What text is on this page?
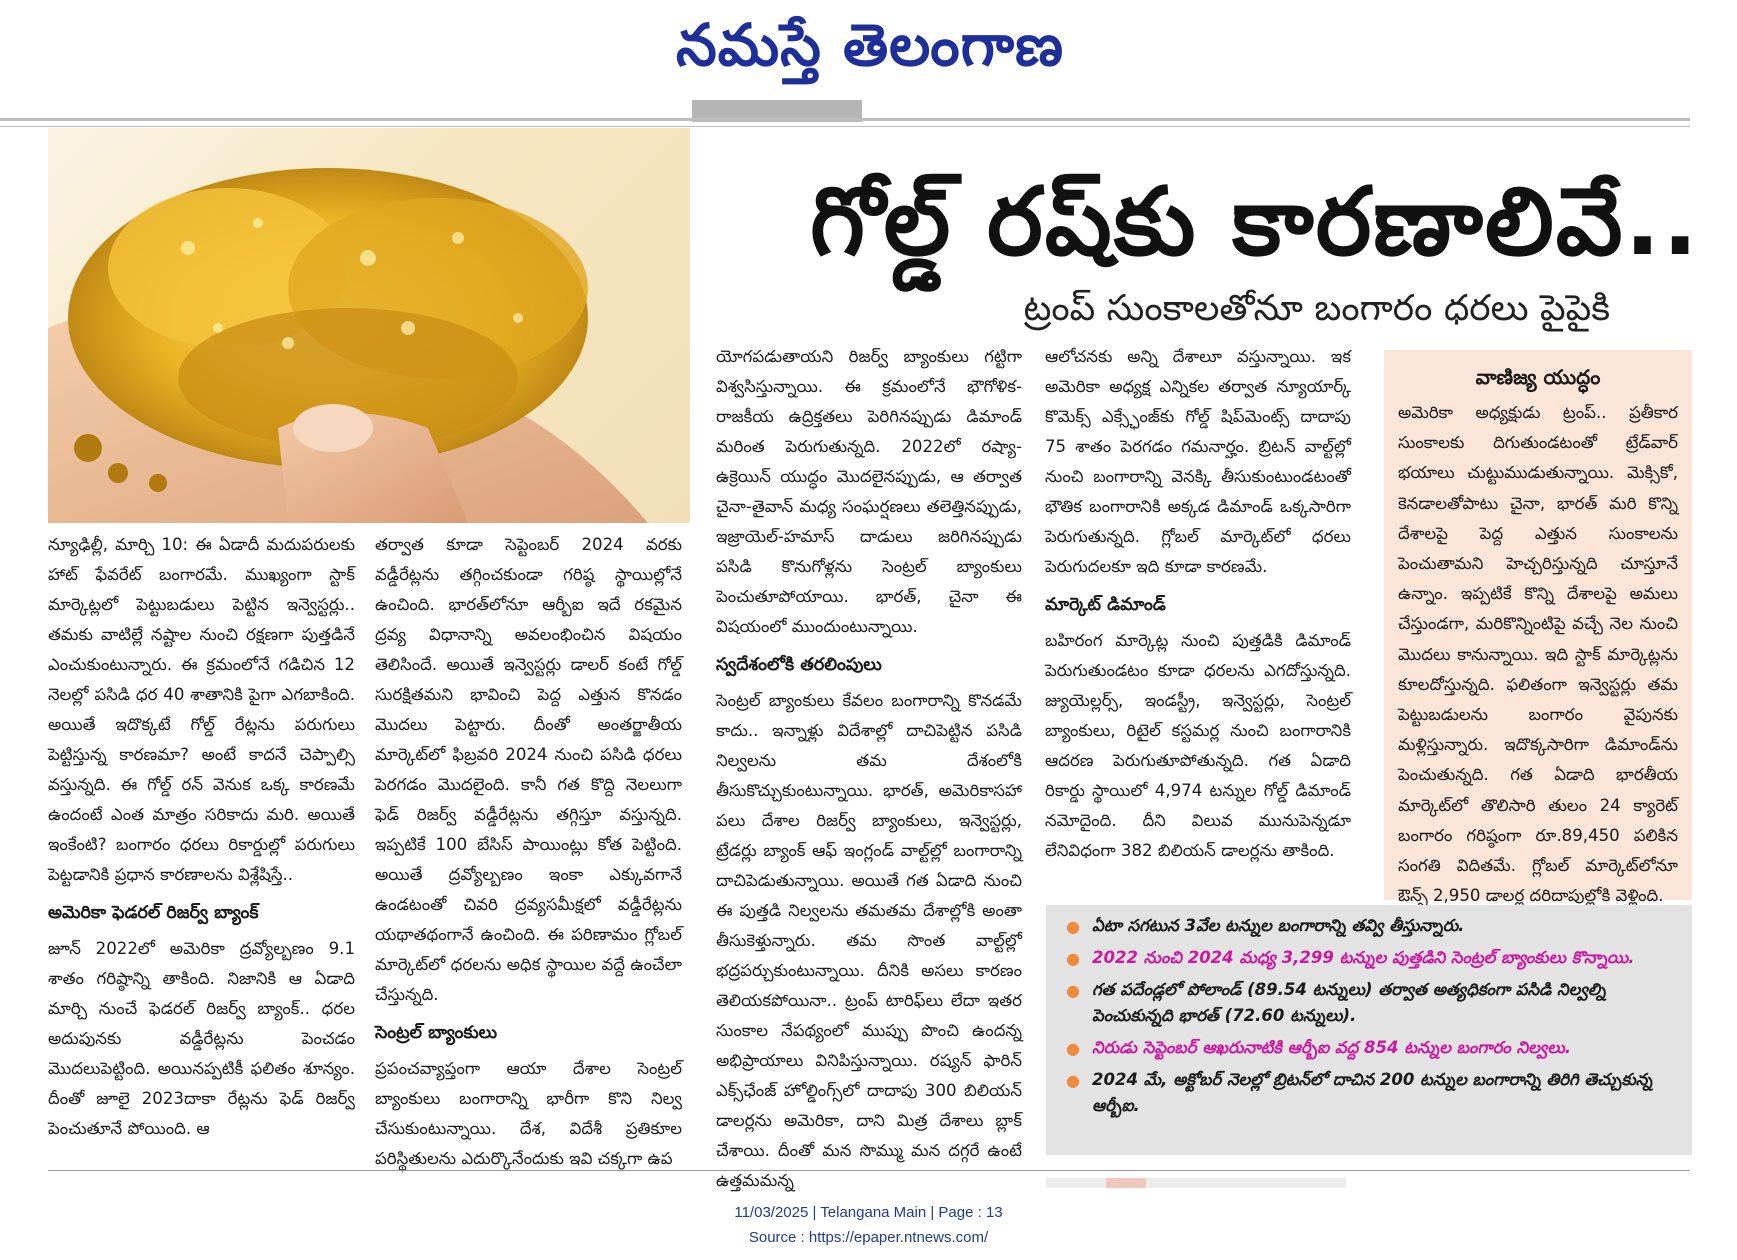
నమస్తే తెలంగాణ
గోల్డ్ రష్‌కు కారణాలివే..
ట్రంప్ సుంకాలతోనూ బంగారం ధరలు పైపైకి

న్యూఢిల్లీ, మార్చి 10: ఈ ఏడాదీ మదుపరులకు హాట్ ఫేవరేట్ బంగారమే. ముఖ్యంగా స్టాక్ మార్కెట్లలో పెట్టుబడులు పెట్టిన ఇన్వెస్టర్లు.. తమకు వాటిల్లే నష్టాల నుంచి రక్షణగా పుత్తడినే ఎంచుకుంటున్నారు. ఈ క్రమంలోనే గడిచిన 12 నెలల్లో పసిడి ధర 40 శాతానికి పైగా ఎగబాకింది. అయితే ఇదొక్కటే గోల్డ్ రేట్లను పరుగులు పెట్టిస్తున్న కారణమా? అంటే కాదనే చెప్పాల్సి వస్తున్నది. ఈ గోల్డ్ రన్ వెనుక ఒక్క కారణమే ఉందంటే ఎంత మాత్రం సరికాదు మరి. అయితే ఇంకేంటి? బంగారం ధరలు రికార్డుల్లో పరుగులు పెట్టడానికి ప్రధాన కారణాలను విశ్లేషిస్తే..

అమెరికా ఫెడరల్ రిజర్వ్ బ్యాంక్

జూన్ 2022లో అమెరికా ద్రవ్యోల్బణం 9.1 శాతం గరిష్ఠాన్ని తాకింది. నిజానికి ఆ ఏడాది మార్చి నుంచే ఫెడరల్ రిజర్వ్ బ్యాంక్.. ధరల అదుపునకు వడ్డీరేట్లను పెంచడం మొదలుపెట్టింది. అయినప్పటికీ ఫలితం శూన్యం. దీంతో జూలై 2023దాకా రేట్లను ఫెడ్ రిజర్వ్ పెంచుతూనే పోయింది. ఆ

తర్వాత కూడా సెప్టెంబర్ 2024 వరకు వడ్డీరేట్లను తగ్గించకుండా గరిష్ఠ స్థాయిల్లోనే ఉంచింది. భారత్‌లోనూ ఆర్బీఐ ఇదే రకమైన ద్రవ్య విధానాన్ని అవలంభించిన విషయం తెలిసిందే. అయితే ఇన్వెస్టర్లు డాలర్ కంటే గోల్డ్ సురక్షితమని భావించి పెద్ద ఎత్తున కొనడం మొదలు పెట్టారు. దీంతో అంతర్జాతీయ మార్కెట్‌లో ఫిబ్రవరి 2024 నుంచి పసిడి ధరలు పెరగడం మొదలైంది. కానీ గత కొద్ది నెలలుగా ఫెడ్ రిజర్వ్ వడ్డీరేట్లను తగ్గిస్తూ వస్తున్నది. ఇప్పటికే 100 బేసిస్ పాయింట్లు కోత పెట్టింది. అయితే ద్రవ్యోల్బణం ఇంకా ఎక్కువగానే ఉండటంతో చివరి ద్రవ్యసమీక్షలో వడ్డీరేట్లను యథాతథంగానే ఉంచింది. ఈ పరిణామం గ్లోబల్ మార్కెట్‌లో ధరలను అధిక స్థాయిల వద్దే ఉంచేలా చేస్తున్నది.

సెంట్రల్ బ్యాంకులు

ప్రపంచవ్యాప్తంగా ఆయా దేశాల సెంట్రల్ బ్యాంకులు బంగారాన్ని భారీగా కొని నిల్వ చేసుకుంటున్నాయి. దేశ, విదేశీ ప్రతికూల పరిస్థితులను ఎదుర్కొనేందుకు ఇవి చక్కగా ఉప

యోగపడుతాయని రిజర్వ్ బ్యాంకులు గట్టిగా విశ్వసిస్తున్నాయి. ఈ క్రమంలోనే భౌగోళిక-రాజకీయ ఉద్రిక్తతలు పెరిగినప్పుడు డిమాండ్ మరింత పెరుగుతున్నది. 2022లో రష్యా-ఉక్రెయిన్ యుద్ధం మొదలైనప్పుడు, ఆ తర్వాత చైనా-తైవాన్ మధ్య సంఘర్షణలు తలెత్తినప్పుడు, ఇజ్రాయెల్-హమాస్ దాడులు జరిగినప్పుడు పసిడి కొనుగోళ్లను సెంట్రల్ బ్యాంకులు పెంచుతూపోయాయి. భారత్, చైనా ఈ విషయంలో ముందుంటున్నాయి.

స్వదేశంలోకి తరలింపులు

సెంట్రల్ బ్యాంకులు కేవలం బంగారాన్ని కొనడమే కాదు.. ఇన్నాళ్లు విదేశాల్లో దాచిపెట్టిన పసిడి నిల్వలను తమ దేశంలోకి తీసుకొచ్చుకుంటున్నాయి. భారత్, అమెరికాసహా పలు దేశాల రిజర్వ్ బ్యాంకులు, ఇన్వెస్టర్లు, ట్రేడర్లు బ్యాంక్ ఆఫ్ ఇంగ్లండ్ వాల్ట్‌ల్లో బంగారాన్ని దాచిపెడుతున్నాయి. అయితే గత ఏడాది నుంచి ఈ పుత్తడి నిల్వలను తమతమ దేశాల్లోకి అంతా తీసుకెళ్తున్నారు. తమ సొంత వాల్ట్‌ల్లో భద్రపర్చుకుంటున్నాయి. దీనికి అసలు కారణం తెలియకపోయినా.. ట్రంప్ టారిఫ్‌లు లేదా ఇతర సుంకాల నేపథ్యంలో ముప్పు పొంచి ఉందన్న అభిప్రాయాలు వినిపిస్తున్నాయి. రష్యన్ ఫారిన్ ఎక్స్‌ఛేంజ్ హోల్డింగ్స్‌లో దాదాపు 300 బిలియన్ డాలర్లను అమెరికా, దాని మిత్ర దేశాలు బ్లాక్ చేశాయి. దీంతో మన సొమ్ము మన దగ్గరే ఉంటే ఉత్తమమన్న

ఆలోచనకు అన్ని దేశాలూ వస్తున్నాయి. ఇక అమెరికా అధ్యక్ష ఎన్నికల తర్వాత న్యూయార్క్ కొమెక్స్ ఎక్స్ఛేంజ్‌కు గోల్డ్ షిప్‌మెంట్స్ దాదాపు 75 శాతం పెరగడం గమనార్హం. బ్రిటన్ వాల్ట్‌ల్లో నుంచి బంగారాన్ని వెనక్కి తీసుకుంటుండటంతో భౌతిక బంగారానికి అక్కడ డిమాండ్ ఒక్కసారిగా పెరుగుతున్నది. గ్లోబల్ మార్కెట్‌లో ధరలు పెరుగుదలకూ ఇది కూడా కారణమే.

మార్కెట్ డిమాండ్

బహిరంగ మార్కెట్ల నుంచి పుత్తడికి డిమాండ్ పెరుగుతుండటం కూడా ధరలను ఎగదోస్తున్నది. జ్యుయెల్లర్స్, ఇండస్ట్రీ, ఇన్వెస్టర్లు, సెంట్రల్ బ్యాంకులు, రిటైల్ కస్టమర్ల నుంచి బంగారానికి ఆదరణ పెరుగుతూపోతున్నది. గత ఏడాది రికార్డు స్థాయిలో 4,974 టన్నుల గోల్డ్ డిమాండ్ నమోదైంది. దీని విలువ మునుపెన్నడూ లేనివిధంగా 382 బిలియన్ డాలర్లను తాకింది.

వాణిజ్య యుద్ధం
అమెరికా అధ్యక్షుడు ట్రంప్.. ప్రతీకార సుంకాలకు దిగుతుండటంతో ట్రేడ్‌వార్ భయాలు చుట్టుముడుతున్నాయి. మెక్సికో, కెనడాలతోపాటు చైనా, భారత్ మరి కొన్ని దేశాలపై పెద్ద ఎత్తున సుంకాలను పెంచుతామని హెచ్చరిస్తున్నది చూస్తూనే ఉన్నాం. ఇప్పటికే కొన్ని దేశాలపై అమలు చేస్తుండగా, మరికొన్నింటిపై వచ్చే నెల నుంచి మొదలు కానున్నాయి. ఇది స్టాక్ మార్కెట్లను కూలదోస్తున్నది. ఫలితంగా ఇన్వెస్టర్లు తమ పెట్టుబడులను బంగారం వైపునకు మళ్లిస్తున్నారు. ఇదొక్కసారిగా డిమాండ్‌ను పెంచుతున్నది. గత ఏడాది భారతీయ మార్కెట్‌లో తొలిసారి తులం 24 క్యారెట్ బంగారం గరిష్ఠంగా రూ.89,450 పలికిన సంగతి విదితమే. గ్లోబల్ మార్కెట్‌లోనూ ఔన్స్ 2,950 డాలర్ల దరిదాపుల్లోకి వెళ్లింది.
● ఏటా సగటున 3వేల టన్నుల బంగారాన్ని తవ్వి తీస్తున్నారు.
● 2022 నుంచి 2024 మధ్య 3,299 టన్నుల పుత్తడిని సెంట్రల్ బ్యాంకులు కొన్నాయి.
● గత పదేండ్లలో పోలాండ్ (89.54 టన్నులు) తర్వాత అత్యధికంగా పసిడి నిల్వల్ని పెంచుకున్నది భారత్ (72.60 టన్నులు).
● నిరుడు సెప్టెంబర్ ఆఖరునాటికి ఆర్బీఐ వద్ద 854 టన్నుల బంగారం నిల్వలు.
● 2024 మే, అక్టోబర్ నెలల్లో బ్రిటన్‌లో దాచిన 200 టన్నుల బంగారాన్ని తిరిగి తెచ్చుకున్న ఆర్బీఐ.
11/03/2025 | Telangana Main | Page : 13
Source : https://epaper.ntnews.com/
